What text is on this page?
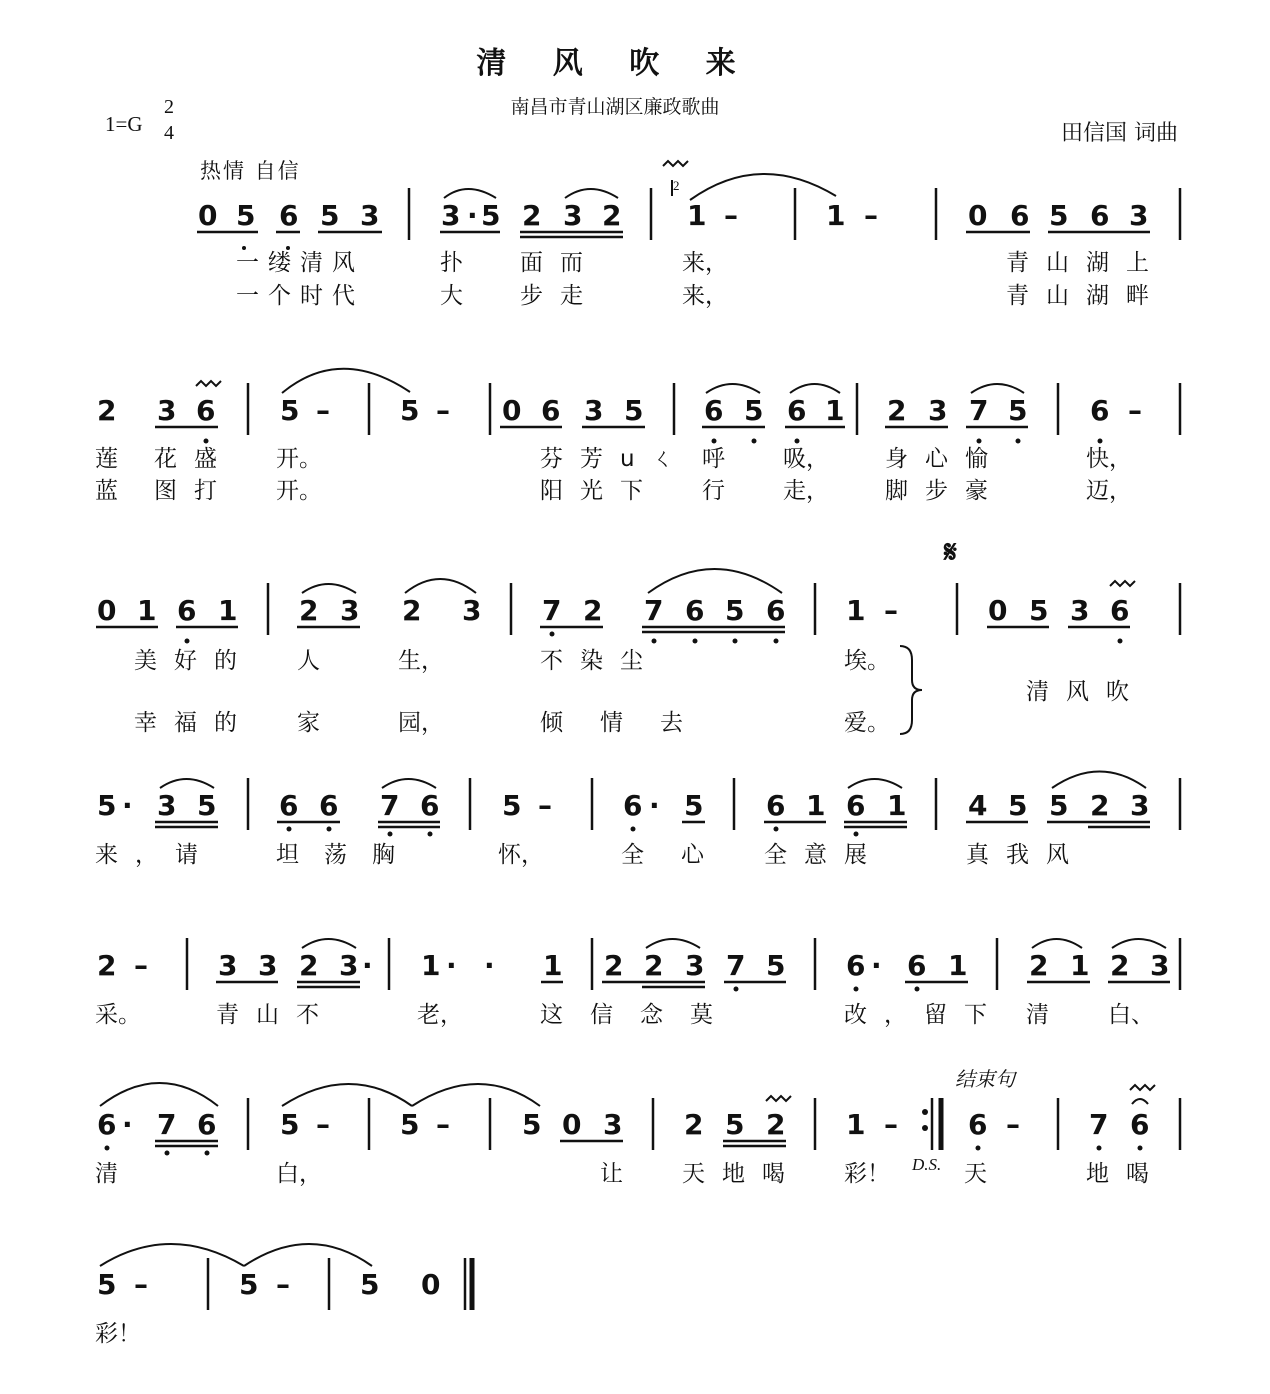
清 风 吹 来
南昌市青山湖区廉政歌曲
1=G
2
4	田信国 词曲
热情 自信
0 5 6 5 3 3 · 5 2 3 2 1 –	1 –	0 6 5 6 3
2 3 6 5 –	5 – 0 6 3 5 6 5 6 1 2 3 7 5 6 –
0 1 6 1 2 3 2 3 7 2 7 6 5 6 1 –	0 5 3 6
5 · 3 5 6 6 7 6 5 –	6 · 5 6 1 6 1 4 5 5 2 3
2 –	3 3 2 3 · 1 · · 1 2 2 3 7 5 6 · 6 1 2 1 2 3
6 · 7 6 5 –	5 –	5 0 3 2 5 2 1 –	6 – 7 6
5 –	5 –	5 0
2
𝄋
D.S.
一缕清风	扑 面而	来，	青山湖上
一个时代	大 步走	来，	青山湖畔
莲 花盛 开。	芬芳uㄑ 呼	吸， 身心愉	快，
蓝 图打 开。	阳光下 行	走， 脚步豪	迈，
美好的 人	生，	不染尘	埃。
幸福的 家	园，	倾情去	爱。
清风吹
来，请	坦荡胸	怀，	全心 全意展	真我风
采。	青山不	老，	这信念莫	改，留下 清	白、
清	白，	让	天地喝 彩！	天	地喝
彩！
结束句
